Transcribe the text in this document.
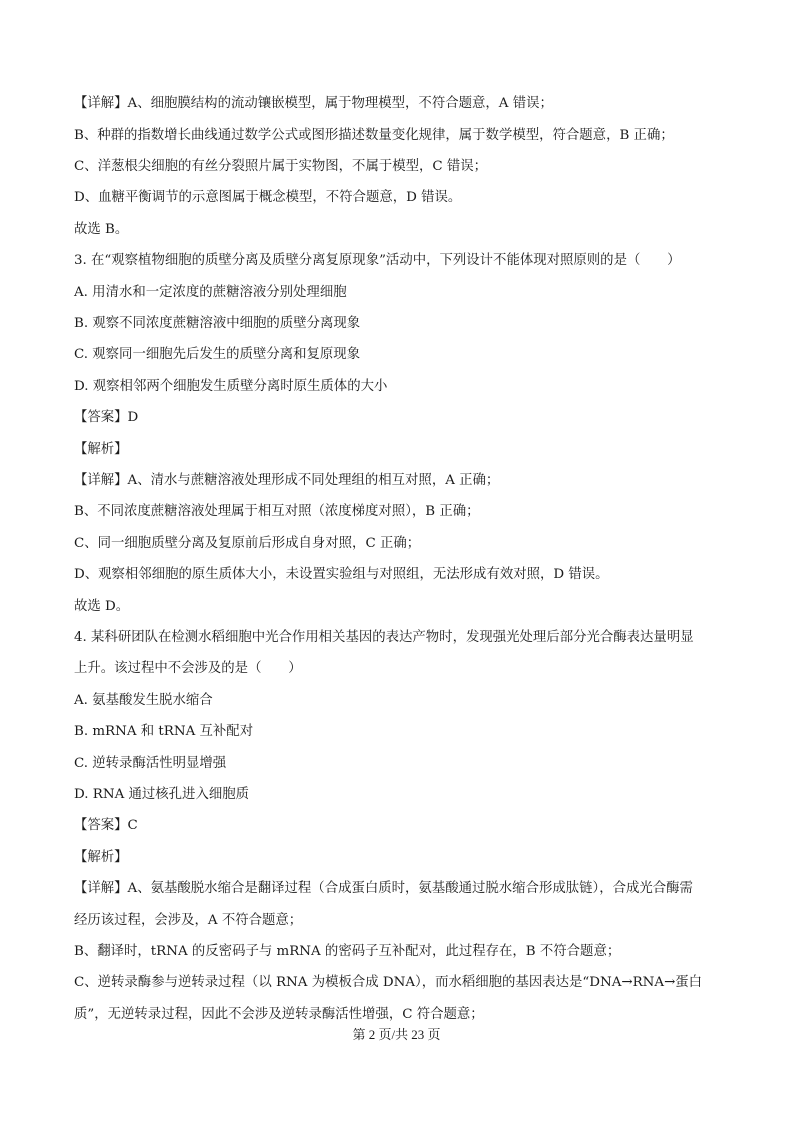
【详解】A、细胞膜结构的流动镶嵌模型，属于物理模型，不符合题意，A 错误；
B、种群的指数增长曲线通过数学公式或图形描述数量变化规律，属于数学模型，符合题意，B 正确；
C、洋葱根尖细胞的有丝分裂照片属于实物图，不属于模型，C 错误；
D、血糖平衡调节的示意图属于概念模型，不符合题意，D 错误。
故选 B。
3. 在“观察植物细胞的质壁分离及质壁分离复原现象”活动中，下列设计不能体现对照原则的是（　　）
A. 用清水和一定浓度的蔗糖溶液分别处理细胞
B. 观察不同浓度蔗糖溶液中细胞的质壁分离现象
C. 观察同一细胞先后发生的质壁分离和复原现象
D. 观察相邻两个细胞发生质壁分离时原生质体的大小
【答案】D
【解析】
【详解】A、清水与蔗糖溶液处理形成不同处理组的相互对照，A 正确；
B、不同浓度蔗糖溶液处理属于相互对照（浓度梯度对照），B 正确；
C、同一细胞质壁分离及复原前后形成自身对照，C 正确；
D、观察相邻细胞的原生质体大小，未设置实验组与对照组，无法形成有效对照，D 错误。
故选 D。
4. 某科研团队在检测水稻细胞中光合作用相关基因的表达产物时，发现强光处理后部分光合酶表达量明显
上升。该过程中不会涉及的是（　　）
A. 氨基酸发生脱水缩合
B. mRNA 和 tRNA 互补配对
C. 逆转录酶活性明显增强
D. RNA 通过核孔进入细胞质
【答案】C
【解析】
【详解】A、氨基酸脱水缩合是翻译过程（合成蛋白质时，氨基酸通过脱水缩合形成肽链），合成光合酶需
经历该过程，会涉及，A 不符合题意；
B、翻译时，tRNA 的反密码子与 mRNA 的密码子互补配对，此过程存在，B 不符合题意；
C、逆转录酶参与逆转录过程（以 RNA 为模板合成 DNA），而水稻细胞的基因表达是“DNA→RNA→蛋白
质”，无逆转录过程，因此不会涉及逆转录酶活性增强，C 符合题意；
第 2 页/共 23 页
